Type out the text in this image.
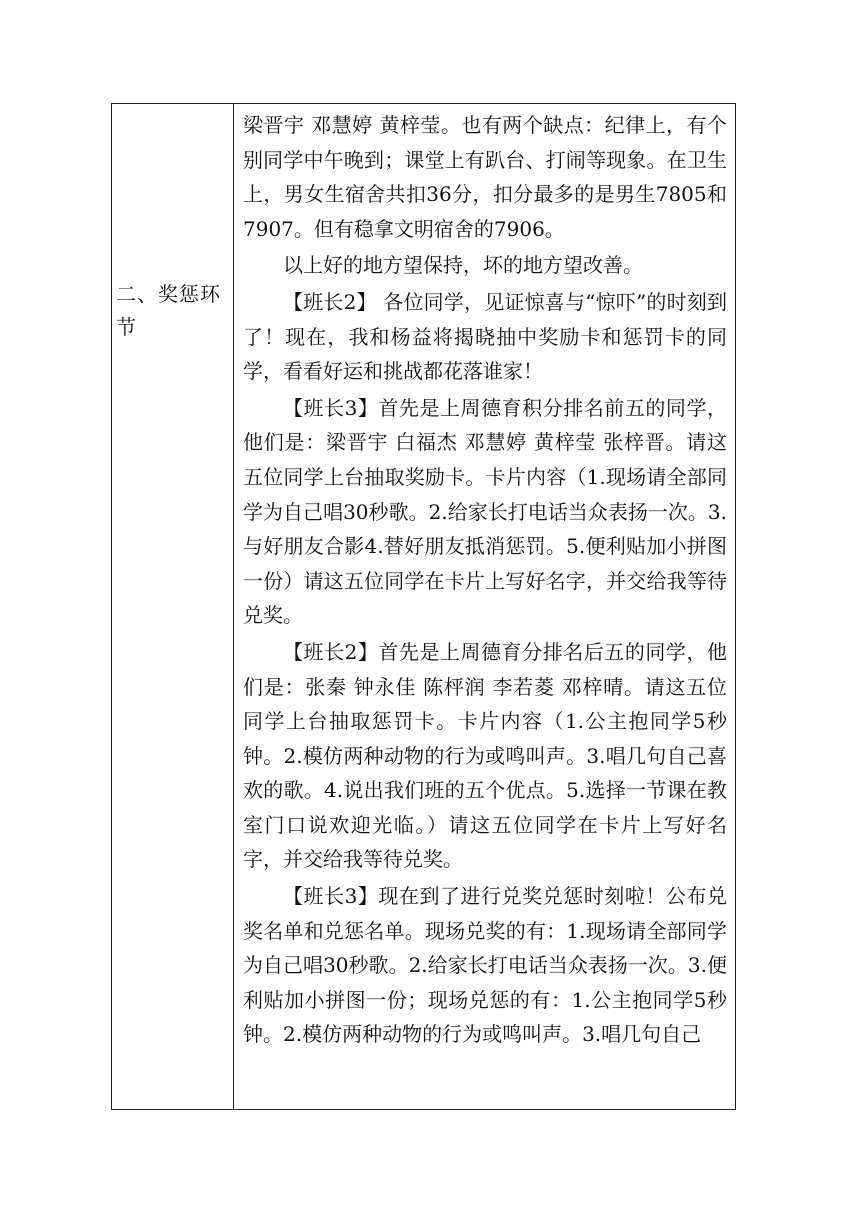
二、奖惩环节

梁晋宇 邓慧婷 黄梓莹。也有两个缺点：纪律上，有个别同学中午晚到；课堂上有趴台、打闹等现象。在卫生上，男女生宿舍共扣36分，扣分最多的是男生7805和7907。但有稳拿文明宿舍的7906。

以上好的地方望保持，坏的地方望改善。

【班长2】 各位同学，见证惊喜与“惊吓”的时刻到了！现在，我和杨益将揭晓抽中奖励卡和惩罚卡的同学，看看好运和挑战都花落谁家！

【班长3】首先是上周德育积分排名前五的同学，他们是：梁晋宇 白福杰 邓慧婷 黄梓莹 张梓晋。请这五位同学上台抽取奖励卡。卡片内容（1.现场请全部同学为自己唱30秒歌。2.给家长打电话当众表扬一次。3.与好朋友合影4.替好朋友抵消惩罚。5.便利贴加小拼图一份）请这五位同学在卡片上写好名字，并交给我等待兑奖。

【班长2】首先是上周德育分排名后五的同学，他们是：张秦 钟永佳 陈枰润 李若菱 邓梓晴。请这五位同学上台抽取惩罚卡。卡片内容（1.公主抱同学5秒钟。2.模仿两种动物的行为或鸣叫声。3.唱几句自己喜欢的歌。4.说出我们班的五个优点。5.选择一节课在教室门口说欢迎光临。）请这五位同学在卡片上写好名字，并交给我等待兑奖。

【班长3】现在到了进行兑奖兑惩时刻啦！公布兑奖名单和兑惩名单。现场兑奖的有：1.现场请全部同学为自己唱30秒歌。2.给家长打电话当众表扬一次。3.便利贴加小拼图一份；现场兑惩的有：1.公主抱同学5秒钟。2.模仿两种动物的行为或鸣叫声。3.唱几句自己
